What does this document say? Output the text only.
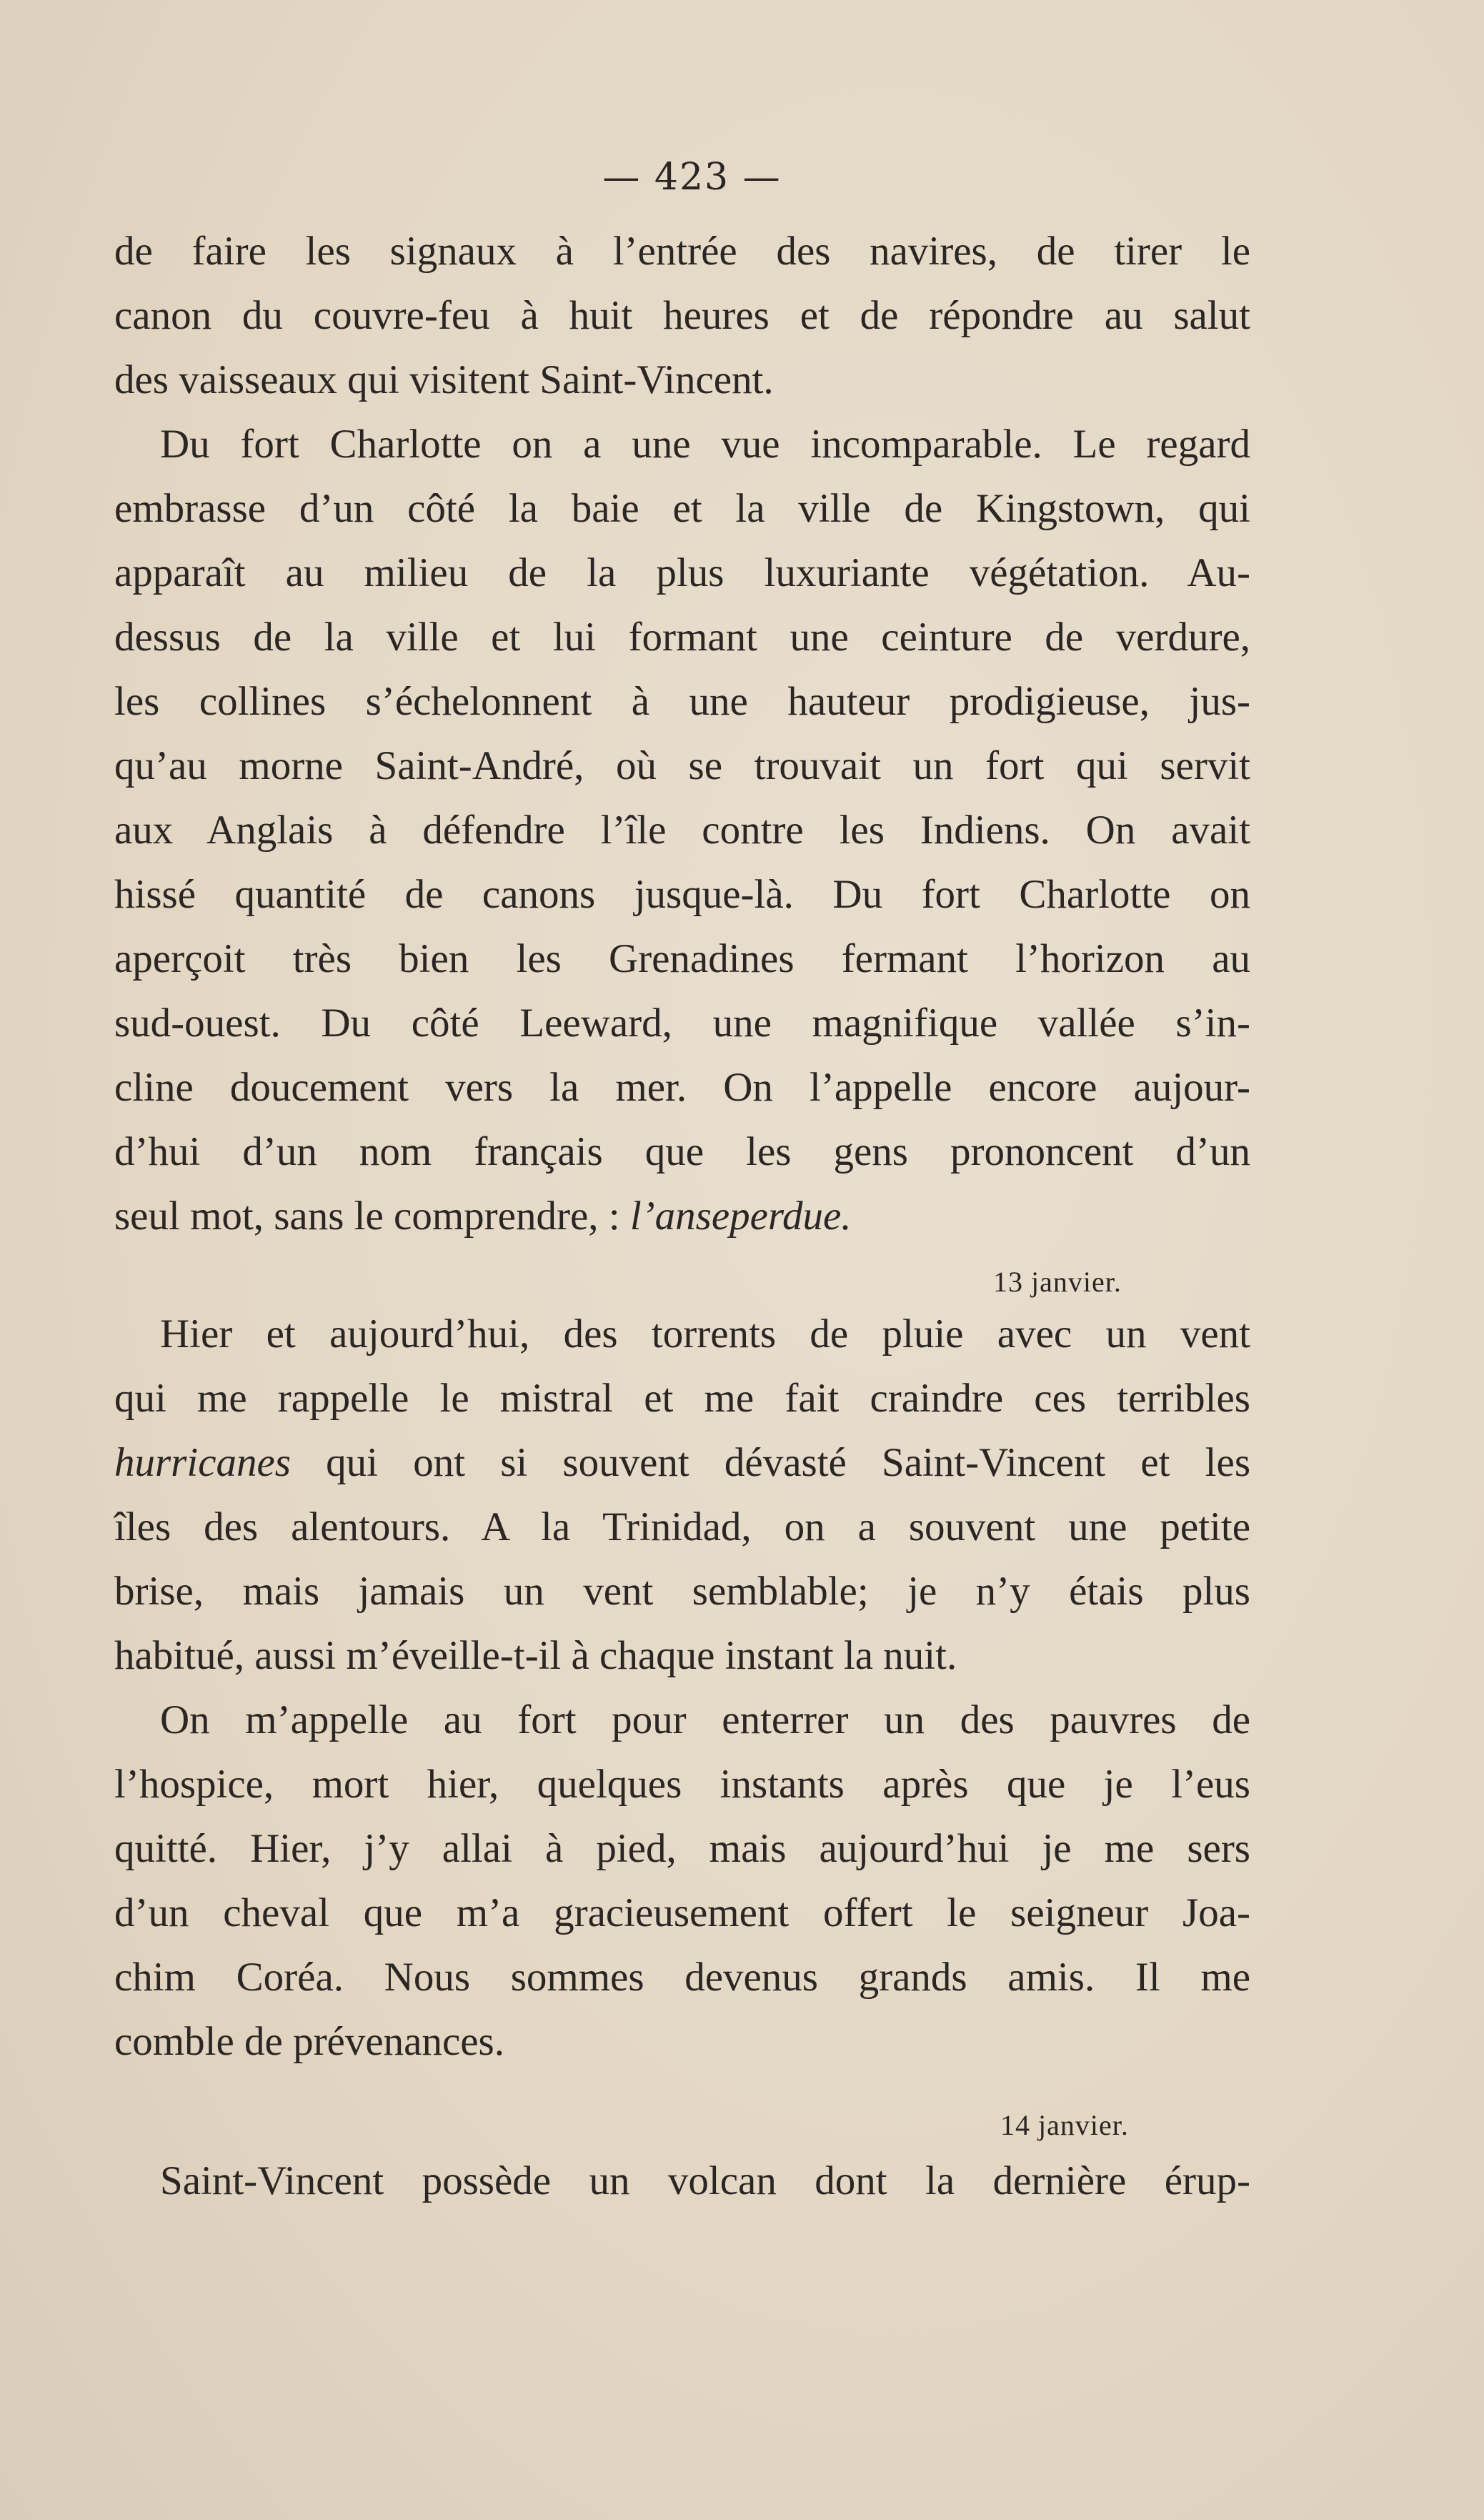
— 423 —
de faire les signaux à l’entrée des navires, de tirer le
canon du couvre-feu à huit heures et de répondre au salut
des vaisseaux qui visitent Saint-Vincent.
Du fort Charlotte on a une vue incomparable. Le regard
embrasse d’un côté la baie et la ville de Kingstown, qui
apparaît au milieu de la plus luxuriante végétation. Au-
dessus de la ville et lui formant une ceinture de verdure,
les collines s’échelonnent à une hauteur prodigieuse, jus-
qu’au morne Saint-André, où se trouvait un fort qui servit
aux Anglais à défendre l’île contre les Indiens. On avait
hissé quantité de canons jusque-là. Du fort Charlotte on
aperçoit très bien les Grenadines fermant l’horizon au
sud-ouest. Du côté Leeward, une magnifique vallée s’in-
cline doucement vers la mer. On l’appelle encore aujour-
d’hui d’un nom français que les gens prononcent d’un
seul mot, sans le comprendre, : l’anseperdue.
13 janvier.
Hier et aujourd’hui, des torrents de pluie avec un vent
qui me rappelle le mistral et me fait craindre ces terribles
hurricanes qui ont si souvent dévasté Saint-Vincent et les
îles des alentours. A la Trinidad, on a souvent une petite
brise, mais jamais un vent semblable; je n’y étais plus
habitué, aussi m’éveille-t-il à chaque instant la nuit.
On m’appelle au fort pour enterrer un des pauvres de
l’hospice, mort hier, quelques instants après que je l’eus
quitté. Hier, j’y allai à pied, mais aujourd’hui je me sers
d’un cheval que m’a gracieusement offert le seigneur Joa-
chim Coréa. Nous sommes devenus grands amis. Il me
comble de prévenances.
14 janvier.
Saint-Vincent possède un volcan dont la dernière érup-
